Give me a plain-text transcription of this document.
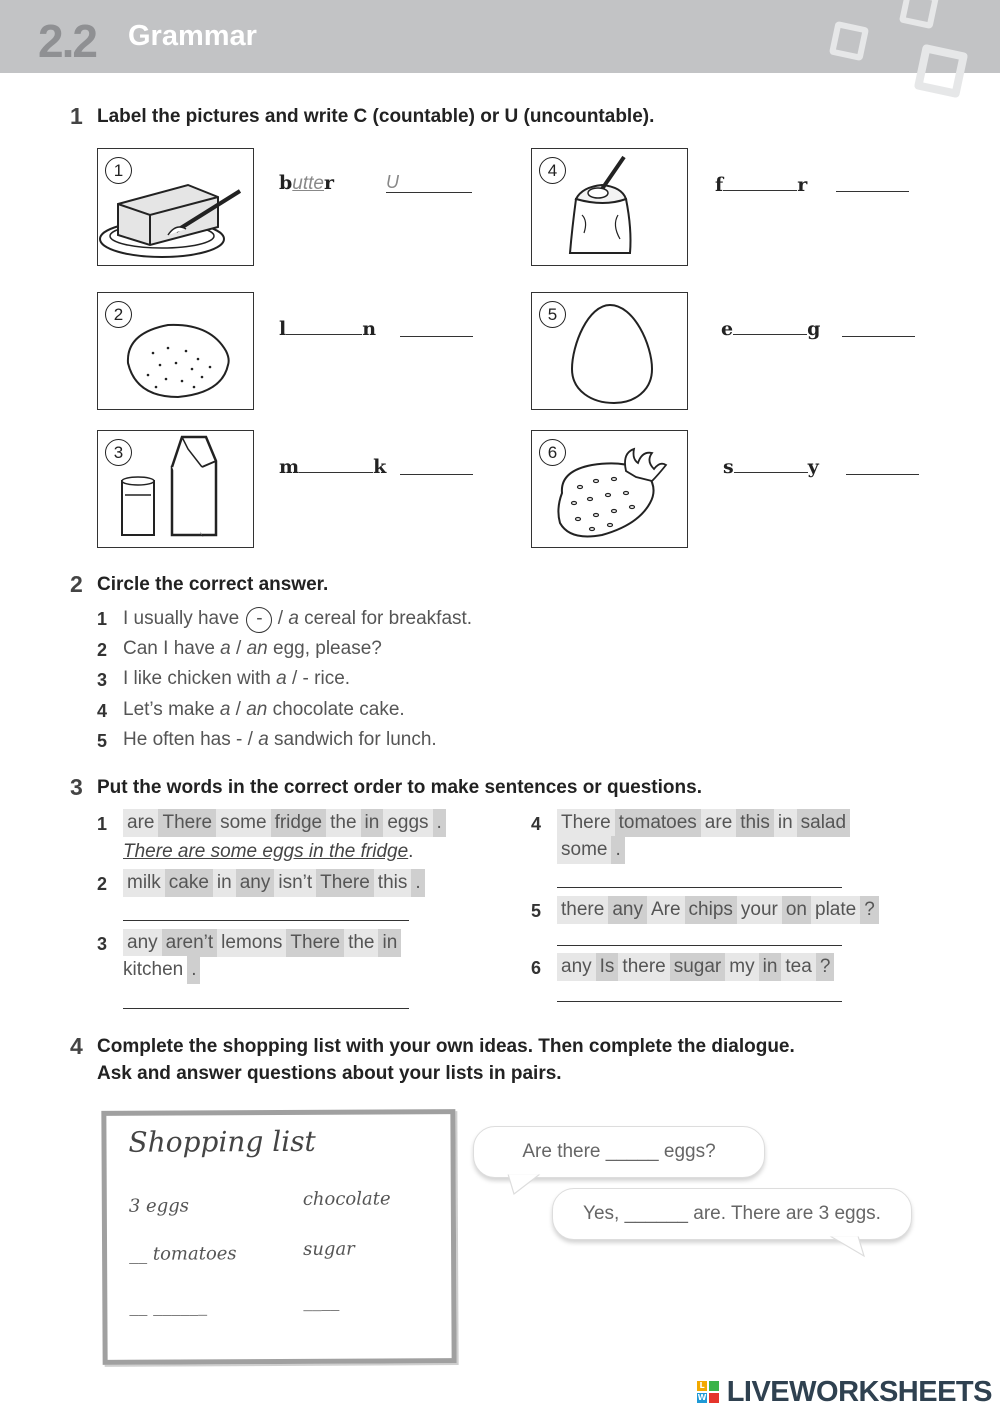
2.2 Grammar
1 Label the pictures and write C (countable) or U (uncountable).
1
butter	U
2
l	n
3
m	k
4
f	r
5
e	g
6
s	y
2 Circle the correct answer.
1 I usually have - / a cereal for breakfast.
2 Can I have a / an egg, please?
3 I like chicken with a / - rice.
4 Let’s make a / an chocolate cake.
5 He often has - / a sandwich for lunch.
3 Put the words in the correct order to make sentences or questions.
1 are There some fridge the in eggs .
There are some eggs in the fridge.
2 milk cake in any isn’t There this .
3 any aren’t lemons There the in
kitchen .
4 There tomatoes are this in salad
some .
5 there any Are chips your on plate ?
6 any Is there sugar my in tea ?
4 Complete the shopping list with your own ideas. Then complete the dialogue.
Ask and answer questions about your lists in pairs.
Shopping list
3 eggs	chocolate
__ tomatoes	sugar
__ ______	____
Are there _____ eggs?
Yes, ______ are. There are 3 eggs.
L
W LIVEWORKSHEETS
